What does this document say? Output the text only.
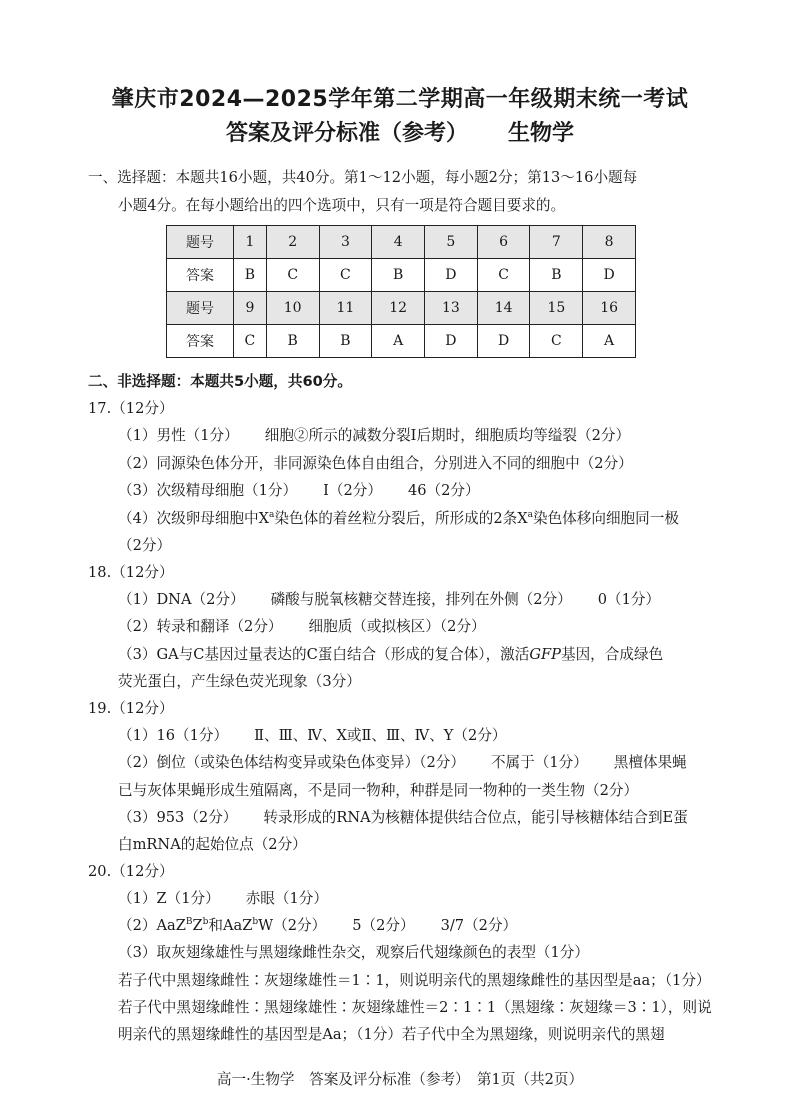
肇庆市2024—2025学年第二学期高一年级期末统一考试
答案及评分标准（参考） 生物学
一、选择题：本题共16小题，共40分。第1～12小题，每小题2分；第13～16小题每
小题4分。在每小题给出的四个选项中，只有一项是符合题目要求的。
题号	1	2	3	4	5	6	7	8
答案	B	C	C	B	D	C	B	D
题号	9	10	11	12	13	14	15	16
答案	C	B	B	A	D	D	C	A
二、非选择题：本题共5小题，共60分。
17.（12分）
（1）男性（1分） 细胞②所示的减数分裂Ⅰ后期时，细胞质均等缢裂（2分）
（2）同源染色体分开，非同源染色体自由组合，分别进入不同的细胞中（2分）
（3）次级精母细胞（1分） Ⅰ（2分） 46（2分）
（4）次级卵母细胞中$X^a$染色体的着丝粒分裂后，所形成的2条$X^a$染色体移向细胞同一极
（2分）
18.（12分）
（1）DNA（2分） 磷酸与脱氧核糖交替连接，排列在外侧（2分） 0（1分）
（2）转录和翻译（2分） 细胞质（或拟核区）（2分）
（3）GA与C基因过量表达的C蛋白结合（形成的复合体），激活GFP基因，合成绿色
荧光蛋白，产生绿色荧光现象（3分）
19.（12分）
（1）16（1分） Ⅱ、Ⅲ、Ⅳ、X或Ⅱ、Ⅲ、Ⅳ、Y（2分）
（2）倒位（或染色体结构变异或染色体变异）（2分） 不属于（1分） 黑檀体果蝇
已与灰体果蝇形成生殖隔离，不是同一物种，种群是同一物种的一类生物（2分）
（3）953（2分） 转录形成的RNA为核糖体提供结合位点，能引导核糖体结合到E蛋
白mRNA的起始位点（2分）
20.（12分）
（1）Z（1分） 赤眼（1分）
$(2)AaZ^BZ^b$和AaZ$^b$W（2分） 5（2分） 3/7（2分）
（3）取灰翅缘雄性与黑翅缘雌性杂交，观察后代翅缘颜色的表型（1分）
若子代中黑翅缘雌性∶灰翅缘雄性＝1∶1，则说明亲代的黑翅缘雌性的基因型是aa；（1分）
若子代中黑翅缘雌性∶黑翅缘雄性∶灰翅缘雄性＝2∶1∶1（黑翅缘∶灰翅缘＝3∶1），则说
明亲代的黑翅缘雌性的基因型是Aa；（1分）若子代中全为黑翅缘，则说明亲代的黑翅
高一·生物学　答案及评分标准（参考）　第1页（共2页）
